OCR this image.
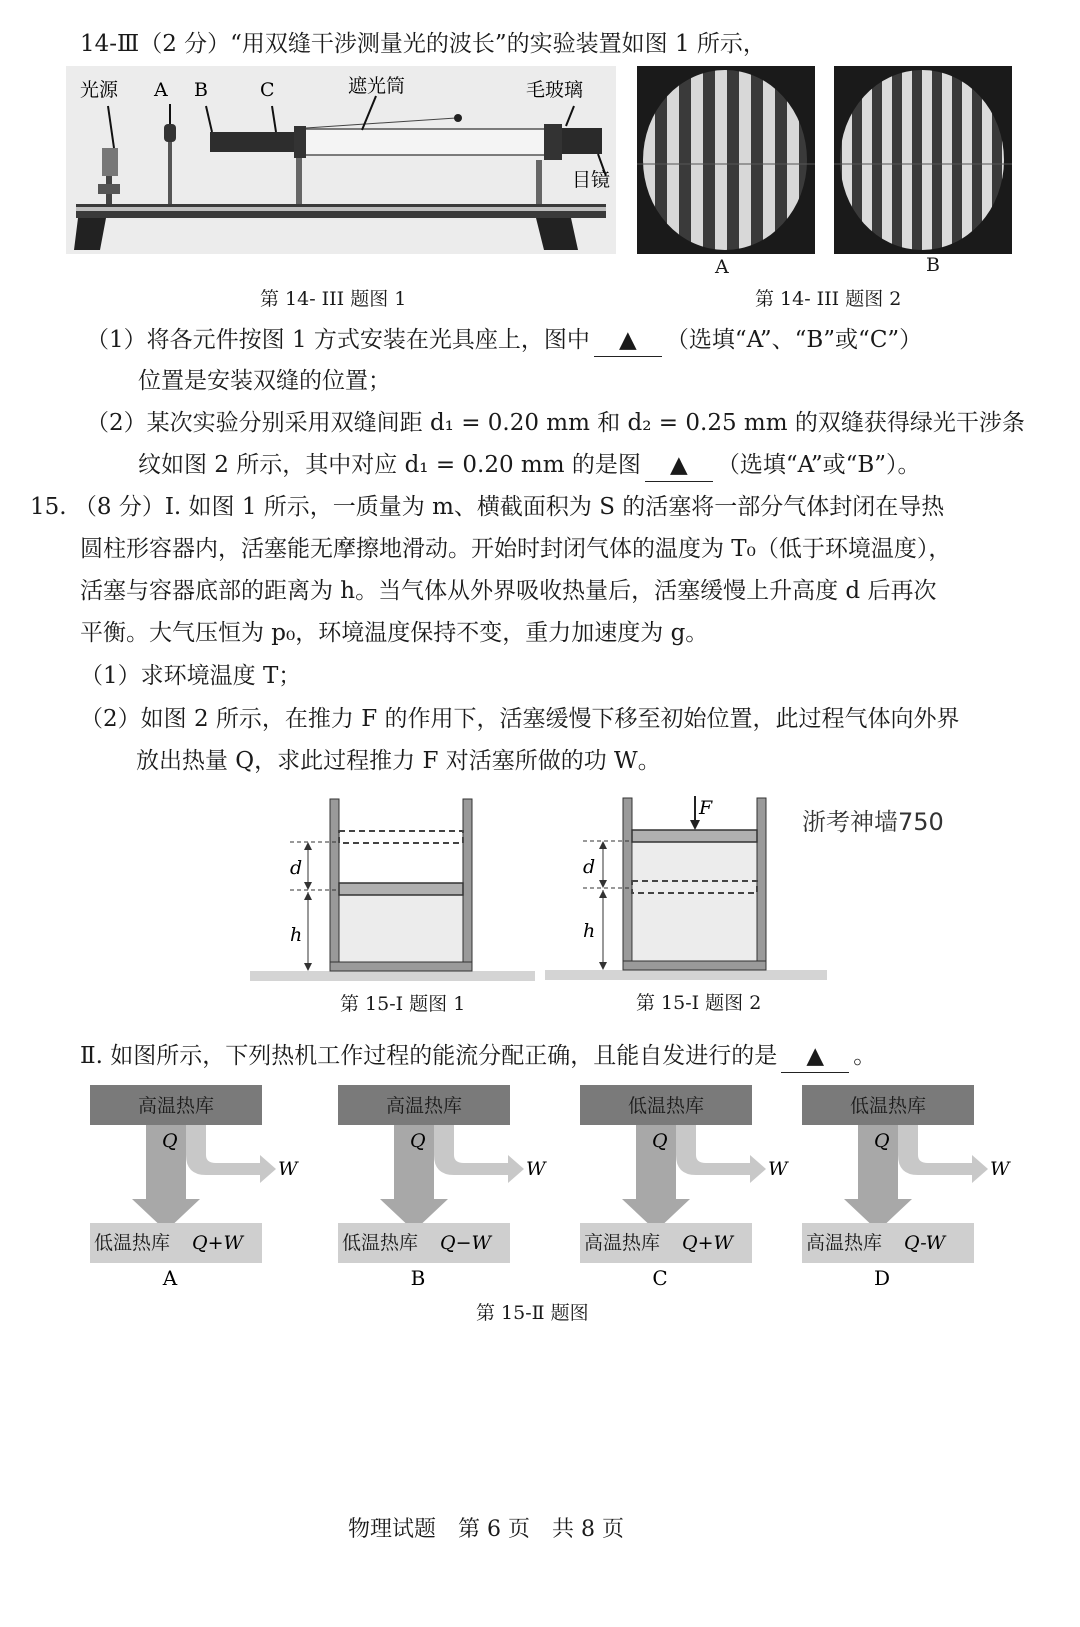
14-Ⅲ（2 分）“用双缝干涉测量光的波长”的实验装置如图 1 所示，
光源 A B	C	遮光筒	毛玻璃
目镜
第 14- III 题图 1
A	B
第 14- III 题图 2
（1）将各元件按图 1 方式安装在光具座上，图中 ▲ （选填“A”、“B”或“C”）
位置是安装双缝的位置；
（2）某次实验分别采用双缝间距 d₁ = 0.20 mm 和 d₂ = 0.25 mm 的双缝获得绿光干涉条
纹如图 2 所示，其中对应 d₁ = 0.20 mm 的是图 ▲ （选填“A”或“B”）。
15. （8 分）Ⅰ. 如图 1 所示，一质量为 m、横截面积为 S 的活塞将一部分气体封闭在导热
圆柱形容器内，活塞能无摩擦地滑动。开始时封闭气体的温度为 T₀（低于环境温度），
活塞与容器底部的距离为 h。当气体从外界吸收热量后，活塞缓慢上升高度 d 后再次
平衡。大气压恒为 p₀，环境温度保持不变，重力加速度为 g。
（1）求环境温度 T；
（2）如图 2 所示，在推力 F 的作用下，活塞缓慢下移至初始位置，此过程气体向外界
放出热量 Q，求此过程推力 F 对活塞所做的功 W。
d
h
第 15-I 题图 1
F
d
h
第 15-I 题图 2
浙考神墙750
Ⅱ. 如图所示，下列热机工作过程的能流分配正确，且能自发进行的是 ▲ 。
高温热库
Q
W
低温热库 Q+W
A
高温热库
Q
W
低温热库 Q−W
B
低温热库
Q
W
高温热库 Q+W
C
低温热库
Q
W
高温热库 Q-W
D
第 15-Ⅱ 题图
物理试题　第 6 页　共 8 页
